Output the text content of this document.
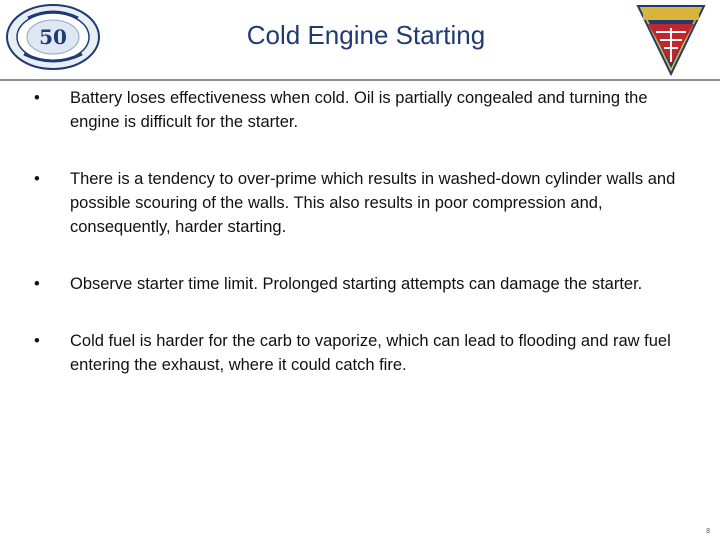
50	Cold Engine Starting
• Battery loses effectiveness when cold. Oil is partially congealed and turning the engine is difficult for the starter.
• There is a tendency to over-prime which results in washed-down cylinder walls and possible scouring of the walls. This also results in poor compression and, consequently, harder starting.
• Observe starter time limit. Prolonged starting attempts can damage the starter.
• Cold fuel is harder for the carb to vaporize, which can lead to flooding and raw fuel entering the exhaust, where it could catch fire.
8
